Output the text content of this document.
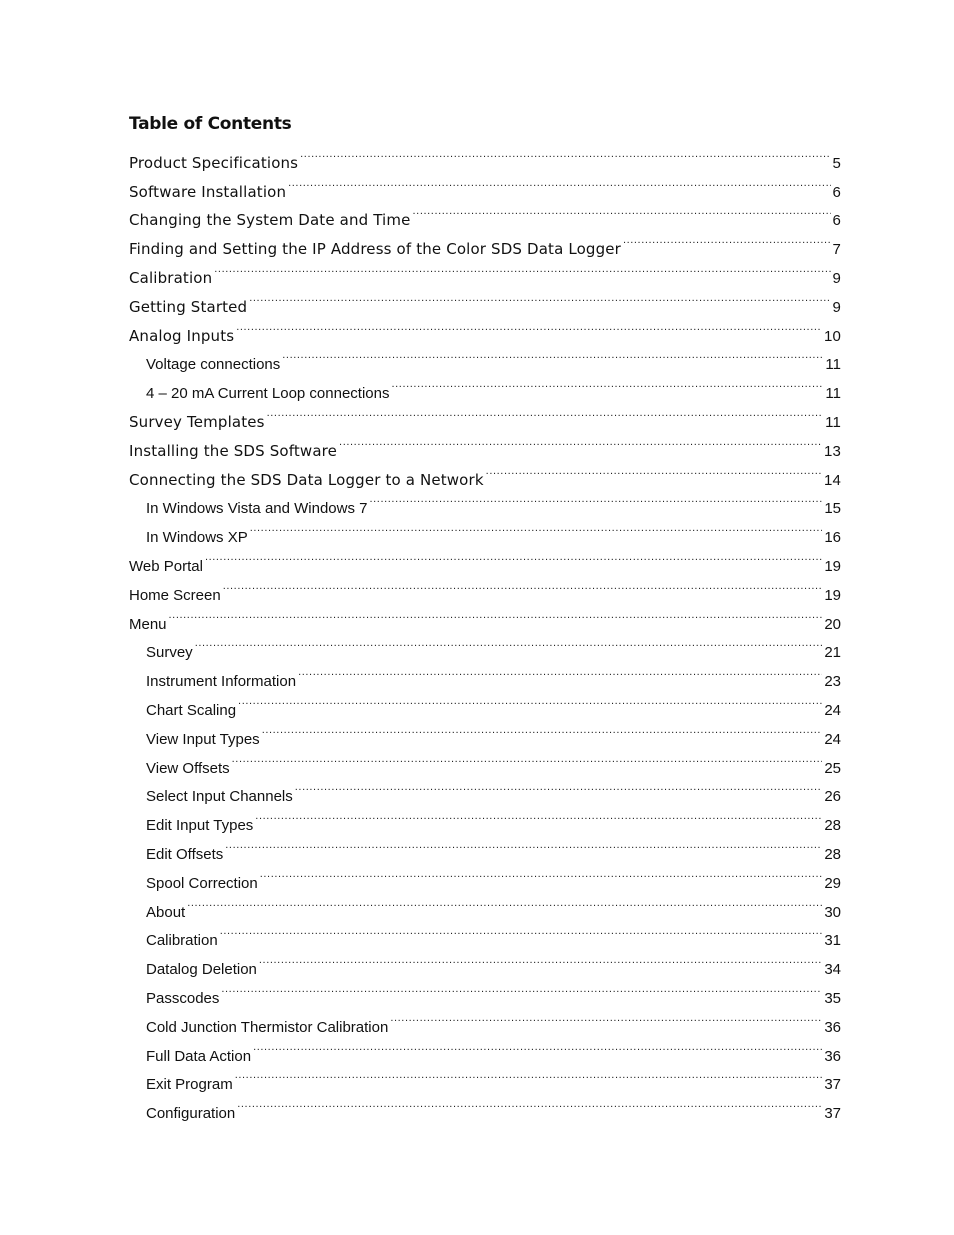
Table of Contents
Product Specifications .....	5
Software Installation .....	6
Changing the System Date and Time .....	6
Finding and Setting the IP Address of the Color SDS Data Logger .....	7
Calibration .....	9
Getting Started .....	9
Analog Inputs .....	10
Voltage connections .....	11
4 – 20 mA Current Loop connections .....	11
Survey Templates .....	11
Installing the SDS Software .....	13
Connecting the SDS Data Logger to a Network .....	14
In Windows Vista and Windows 7 .....	15
In Windows XP .....	16
Web Portal .....	19
Home Screen .....	19
Menu .....	20
Survey .....	21
Instrument Information .....	23
Chart Scaling .....	24
View Input Types .....	24
View Offsets .....	25
Select Input Channels .....	26
Edit Input Types .....	28
Edit Offsets .....	28
Spool Correction .....	29
About .....	30
Calibration .....	31
Datalog Deletion .....	34
Passcodes .....	35
Cold Junction Thermistor Calibration .....	36
Full Data Action .....	36
Exit Program .....	37
Configuration .....	37
